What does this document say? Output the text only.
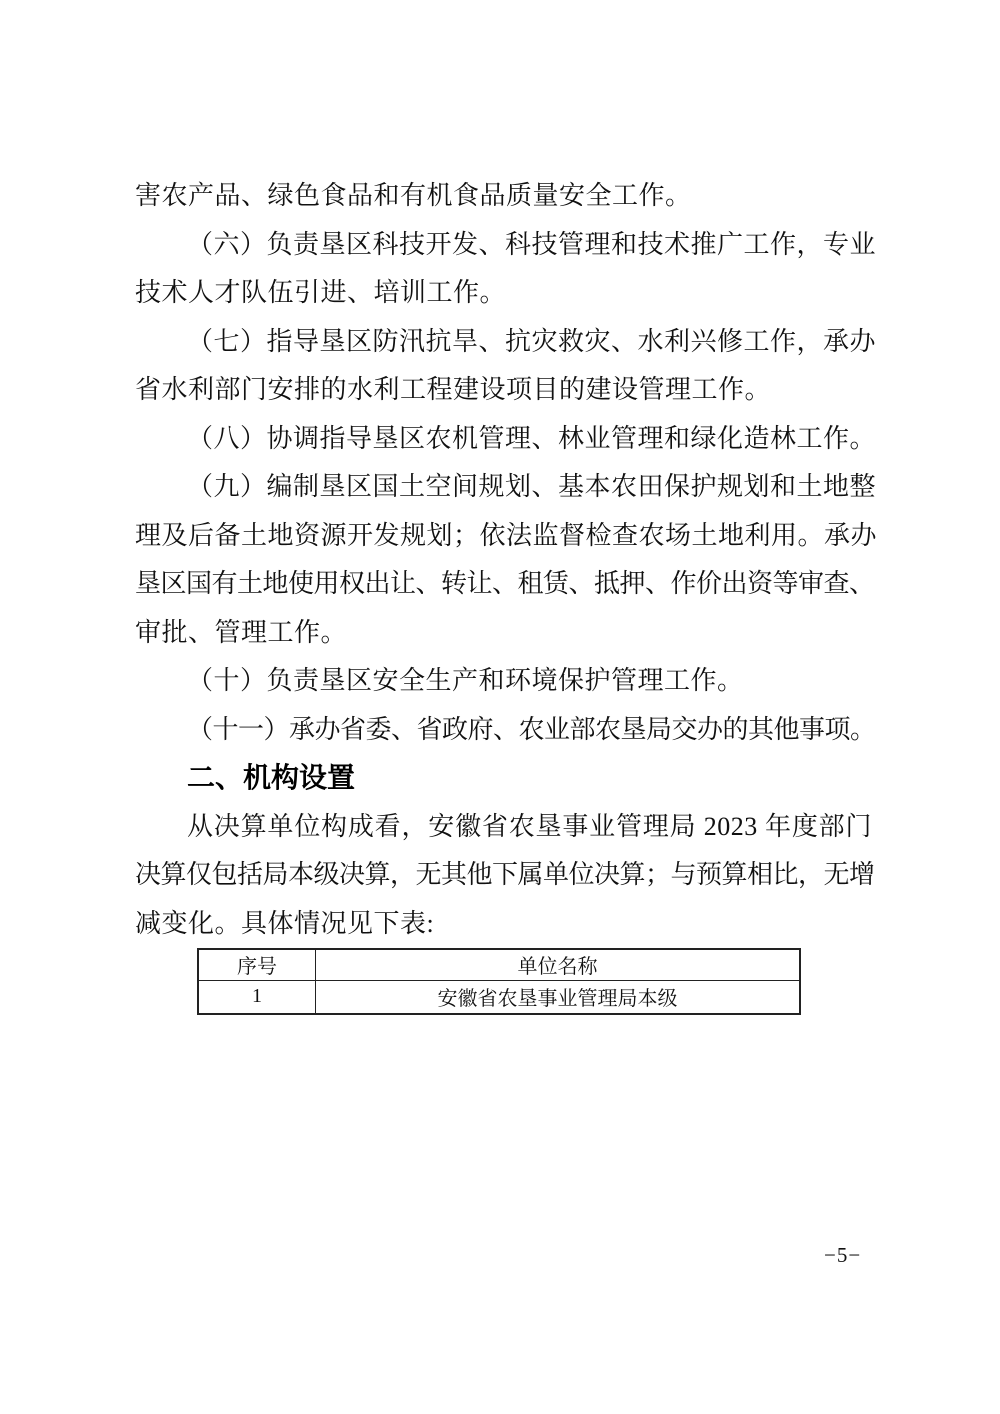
害农产品、绿色食品和有机食品质量安全工作。
（六）负责垦区科技开发、科技管理和技术推广工作，专业
技术人才队伍引进、培训工作。
（七）指导垦区防汛抗旱、抗灾救灾、水利兴修工作，承办
省水利部门安排的水利工程建设项目的建设管理工作。
（八）协调指导垦区农机管理、林业管理和绿化造林工作。
（九）编制垦区国土空间规划、基本农田保护规划和土地整
理及后备土地资源开发规划；依法监督检查农场土地利用。承办
垦区国有土地使用权出让、转让、租赁、抵押、作价出资等审查、
审批、管理工作。
（十）负责垦区安全生产和环境保护管理工作。
（十一）承办省委、省政府、农业部农垦局交办的其他事项。
二、机构设置
从决算单位构成看，安徽省农垦事业管理局 2023 年度部门
决算仅包括局本级决算，无其他下属单位决算；与预算相比，无增
减变化。具体情况见下表:
序号	单位名称
1	安徽省农垦事业管理局本级
−5−
